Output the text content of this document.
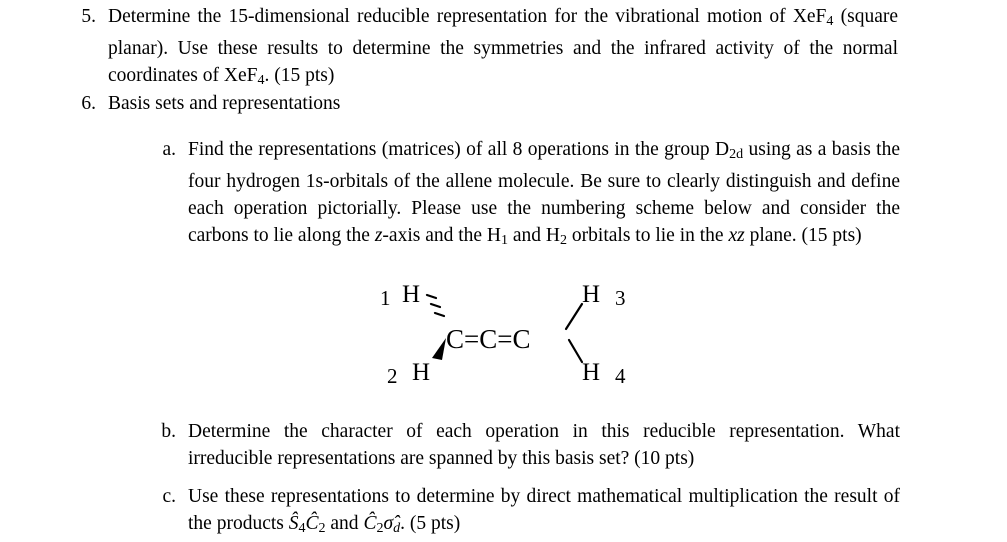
5. Determine the 15-dimensional reducible representation for the vibrational motion of XeF$_4$ (square planar). Use these results to determine the symmetries and the infrared activity of the normal coordinates of XeF$_4$. (15 pts)
6. Basis sets and representations
a. Find the representations (matrices) of all 8 operations in the group $D_{2d}$ using as a basis the four hydrogen 1s-orbitals of the allene molecule. Be sure to clearly distinguish and define each operation pictorially. Please use the numbering scheme below and consider the carbons to lie along the z-axis and the $H_1$ and $H_2$ orbitals to lie in the xz plane. (15 pts)
1 H
2 H
H 3
H 4
C=C=C
b. Determine the character of each operation in this reducible representation. What irreducible representations are spanned by this basis set? (10 pts)
c. Use these representations to determine by direct mathematical multiplication the result of the products $Ŝ_4Ĉ_2$ and $Ĉ_2\sigmâ_d$. (5 pts)
